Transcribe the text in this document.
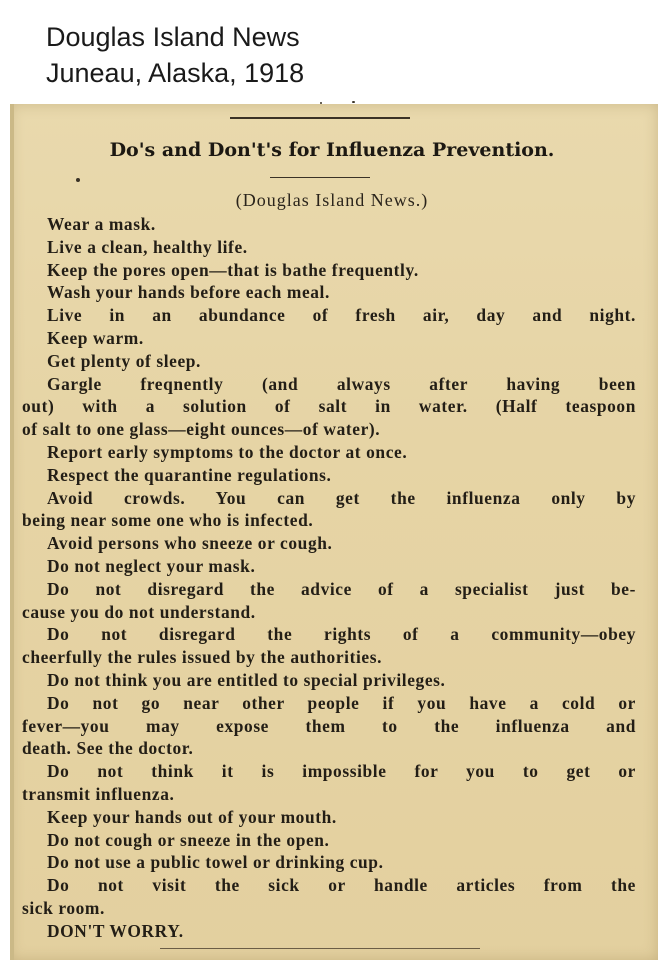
Douglas Island News
Juneau, Alaska, 1918
Do's and Don't's for Influenza Prevention.
(Douglas Island News.)
Wear a mask.
Live a clean, healthy life.
Keep the pores open—that is bathe frequently.
Wash your hands before each meal.
Live in an abundance of fresh air, day and night.
Keep warm.
Get plenty of sleep.
Gargle freqnently (and always after having been
out) with a solution of salt in water. (Half teaspoon
of salt to one glass—eight ounces—of water).
Report early symptoms to the doctor at once.
Respect the quarantine regulations.
Avoid crowds. You can get the influenza only by
being near some one who is infected.
Avoid persons who sneeze or cough.
Do not neglect your mask.
Do not disregard the advice of a specialist just be-
cause you do not understand.
Do not disregard the rights of a community—obey
cheerfully the rules issued by the authorities.
Do not think you are entitled to special privileges.
Do not go near other people if you have a cold or
fever—you may expose them to the influenza and
death. See the doctor.
Do not think it is impossible for you to get or
transmit influenza.
Keep your hands out of your mouth.
Do not cough or sneeze in the open.
Do not use a public towel or drinking cup.
Do not visit the sick or handle articles from the
sick room.
DON'T WORRY.
